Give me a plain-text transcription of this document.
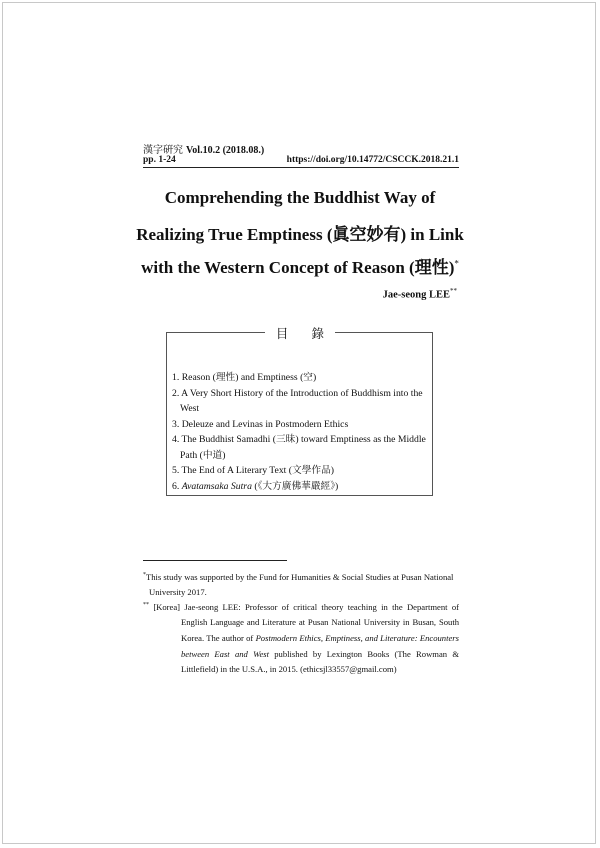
漢字硏究 Vol.10.2 (2018.08.)
pp. 1-24	https://doi.org/10.14772/CSCCK.2018.21.1
Comprehending the Buddhist Way of
Realizing True Emptiness (眞空妙有) in Link
with the Western Concept of Reason (理性)*
Jae-seong LEE**
目 錄
1. Reason (理性) and Emptiness (空)
2. A Very Short History of the Introduction of Buddhism into the West
3. Deleuze and Levinas in Postmodern Ethics
4. The Buddhist Samadhi (三昧) toward Emptiness as the Middle Path (中道)
5. The End of A Literary Text (文學作品)
6. Avatamsaka Sutra (《大方廣佛華嚴經》)
*This study was supported by the Fund for Humanities & Social Studies at Pusan National
University 2017.
** [Korea] Jae-seong LEE: Professor of critical theory teaching in the Department of English Language and Literature at Pusan National University in Busan, South Korea. The author of Postmodern Ethics, Emptiness, and Literature: Encounters between East and West published by Lexington Books (The Rowman & Littlefield) in the U.S.A., in 2015. (ethicsjl33557@gmail.com)
